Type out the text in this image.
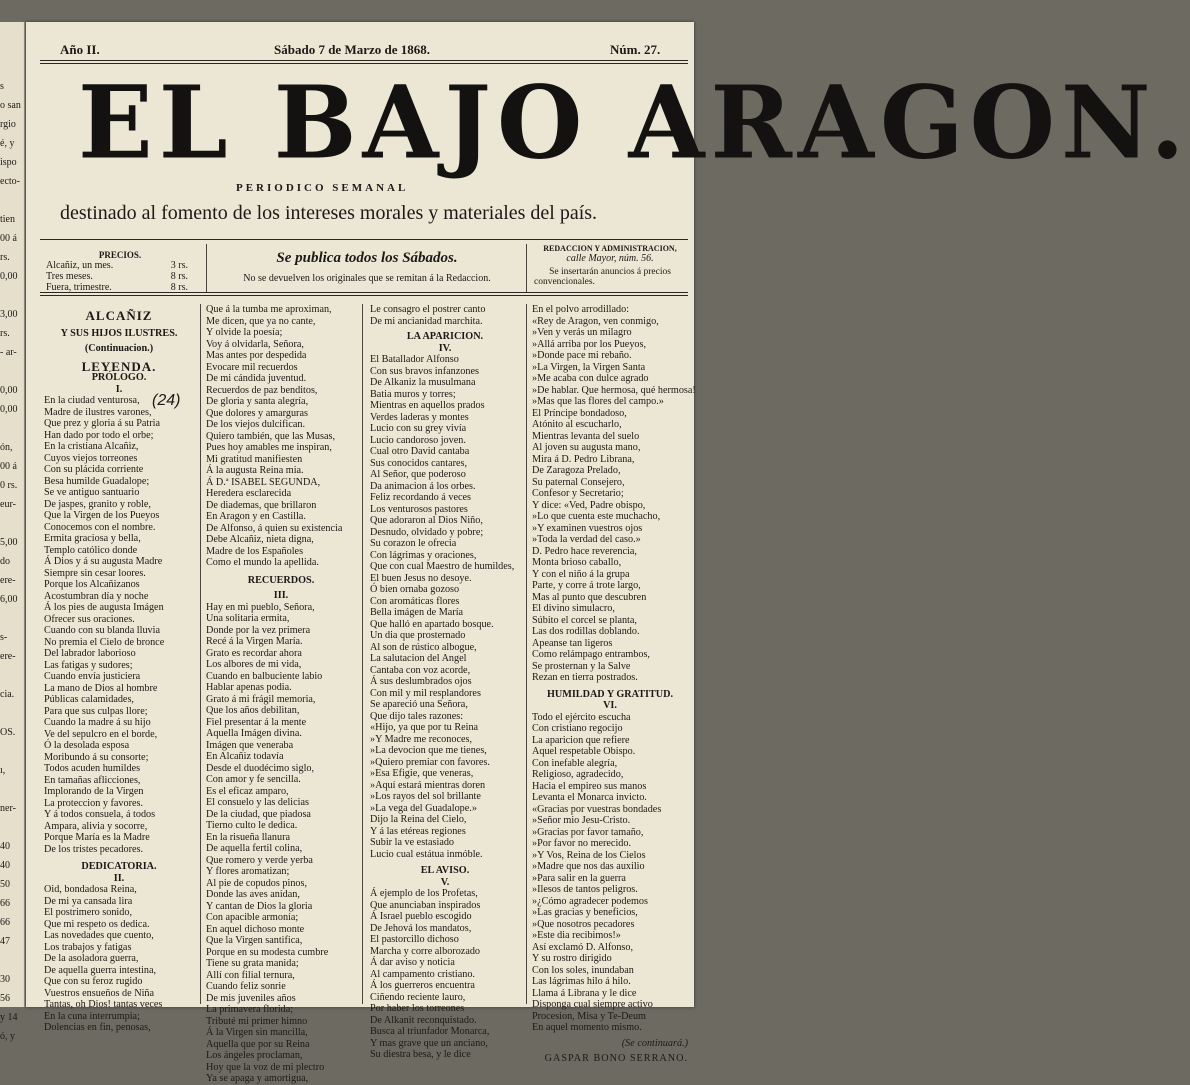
s
o san
rgio
é, y
ispo
ecto-
tien
00 á
rs.
0,00
3,00
rs.
- ar-
0,00
0,00
ón,
00 á
0 rs.
eur-
5,00
do
ere-
6,00
s-
ere-
cia.
OS.
ı,
ner-
40
40
50
66
66
47
30
56
y 14
ó, y
Año II.	Sábado 7 de Marzo de 1868.	Núm. 27.
EL BAJO ARAGON.
PERIODICO SEMANAL
destinado al fomento de los intereses morales y materiales del país.
PRECIOS.
Alcañiz, un mes.	3 rs.
Tres meses.	8 rs.
Fuera, trimestre.	8 rs.
Se publica todos los Sábados.
No se devuelven los originales que se remitan á la Redaccion.
REDACCION Y ADMINISTRACION,
calle Mayor, núm. 56.
Se insertarán anuncios á precios
convencionales.
(24)
ALCAÑIZ
Y SUS HIJOS ILUSTRES.
(Continuacion.)
LEYENDA.
PRÓLOGO.
I.
En la ciudad venturosa,
Madre de ilustres varones,
Que prez y gloria á su Patria
Han dado por todo el orbe;
En la cristiana Alcañiz,
Cuyos viejos torreones
Con su plácida corriente
Besa humilde Guadalope;
Se ve antiguo santuario
De jaspes, granito y roble,
Que la Virgen de los Pueyos
Conocemos con el nombre.
Ermita graciosa y bella,
Templo católico donde
Á Dios y á su augusta Madre
Siempre sin cesar loores.
Porque los Alcañizanos
Acostumbran día y noche
Á los pies de augusta Imágen
Ofrecer sus oraciones.
Cuando con su blanda lluvia
No premia el Cielo de bronce
Del labrador laborioso
Las fatigas y sudores;
Cuando envía justiciera
La mano de Dios al hombre
Públicas calamidades,
Para que sus culpas llore;
Cuando la madre á su hijo
Ve del sepulcro en el borde,
Ó la desolada esposa
Moribundo á su consorte;
Todos acuden humildes
En tamañas aflicciones,
Implorando de la Virgen
La proteccion y favores.
Y á todos consuela, á todos
Ampara, alivia y socorre,
Porque María es la Madre
De los tristes pecadores.
DEDICATORIA.
II.
Oid, bondadosa Reina,
De mi ya cansada lira
El postrimero sonido,
Que mi respeto os dedica.
Las novedades que cuento,
Los trabajos y fatigas
De la asoladora guerra,
De aquella guerra intestina,
Que con su feroz rugido
Vuestros ensueños de Niña
Tantas, oh Dios! tantas veces
En la cuna interrumpia;
Dolencias en fin, penosas,
Que á la tumba me aproximan,
Me dicen, que ya no cante,
Y olvide la poesía;
Voy á olvidarla, Señora,
Mas antes por despedida
Evocare mil recuerdos
De mi cándida juventud.
Recuerdos de paz benditos,
De gloria y santa alegría,
Que dolores y amarguras
De los viejos dulcifican.
Quiero también, que las Musas,
Pues hoy amables me inspiran,
Mi gratitud manifiesten
Á la augusta Reina mia.
Á D.ª ISABEL SEGUNDA,
Heredera esclarecida
De diademas, que brillaron
En Aragon y en Castilla.
De Alfonso, á quien su existencia
Debe Alcañiz, nieta digna,
Madre de los Españoles
Como el mundo la apellida.
RECUERDOS.
III.
Hay en mi pueblo, Señora,
Una solitaria ermita,
Donde por la vez primera
Recé á la Virgen María.
Grato es recordar ahora
Los albores de mi vida,
Cuando en balbuciente labio
Hablar apenas podia.
Grato á mi frágil memoria,
Que los años debilitan,
Fiel presentar á la mente
Aquella Imágen divina.
Imágen que veneraba
En Alcañiz todavía
Desde el duodécimo siglo,
Con amor y fe sencilla.
Es el eficaz amparo,
El consuelo y las delicias
De la ciudad, que piadosa
Tierno culto le dedica.
En la risueña llanura
De aquella fertil colina,
Que romero y verde yerba
Y flores aromatizan;
Al pie de copudos pinos,
Donde las aves anidan,
Y cantan de Dios la gloria
Con apacible armonía;
En aquel dichoso monte
Que la Virgen santifica,
Porque en su modesta cumbre
Tiene su grata manida;
Allí con filial ternura,
Cuando feliz sonrie
De mis juveniles años
La primavera florida;
Tributé mi primer himno
Á la Virgen sin mancilla,
Aquella que por su Reina
Los ángeles proclaman,
Hoy que la voz de mi plectro
Ya se apaga y amortigua,
Le consagro el postrer canto
De mi ancianidad marchita.
LA APARICION.
IV.
El Batallador Alfonso
Con sus bravos infanzones
De Alkaniz la musulmana
Batia muros y torres;
Mientras en aquellos prados
Verdes laderas y montes
Lucio con su grey vivía
Lucio candoroso joven.
Cual otro David cantaba
Sus conocidos cantares,
Al Señor, que poderoso
Da animacion á los orbes.
Feliz recordando á veces
Los venturosos pastores
Que adoraron al Dios Niño,
Desnudo, olvidado y pobre;
Su corazon le ofrecia
Con lágrimas y oraciones,
Que con cual Maestro de humildes,
El buen Jesus no desoye.
Ó bien ornaba gozoso
Con aromáticas flores
Bella imágen de María
Que halló en apartado bosque.
Un dia que prosternado
Al son de rústico albogue,
La salutacion del Angel
Cantaba con voz acorde,
Á sus deslumbrados ojos
Con mil y mil resplandores
Se apareció una Señora,
Que dijo tales razones:
«Hijo, ya que por tu Reina
»Y Madre me reconoces,
»La devocion que me tienes,
»Quiero premiar con favores.
»Esa Efigie, que veneras,
»Aquí estará mientras doren
»Los rayos del sol brillante
»La vega del Guadalope.»
Dijo la Reina del Cielo,
Y á las etéreas regiones
Subir la ve estasiado
Lucio cual estátua inmóble.
EL AVISO.
V.
Á ejemplo de los Profetas,
Que anunciaban inspirados
Á Israel pueblo escogido
De Jehová los mandatos,
El pastorcillo dichoso
Marcha y corre alborozado
Á dar aviso y noticia
Al campamento cristiano.
Á los guerreros encuentra
Ciñendo reciente lauro,
Por haber los torreones
De Alkanit reconquistado.
Busca al triunfador Monarca,
Y mas grave que un anciano,
Su diestra besa, y le dice
En el polvo arrodillado:
«Rey de Aragon, ven conmigo,
»Ven y verás un milagro
»Allá arriba por los Pueyos,
»Donde pace mi rebaño.
»La Virgen, la Virgen Santa
»Me acaba con dulce agrado
»De hablar. Que hermosa, qué hermosa!
»Mas que las flores del campo.»
El Príncipe bondadoso,
Atónito al escucharlo,
Mientras levanta del suelo
Al joven su augusta mano,
Mira á D. Pedro Librana,
De Zaragoza Prelado,
Su paternal Consejero,
Confesor y Secretario;
Y dice: «Ved, Padre obispo,
»Lo que cuenta este muchacho,
»Y examinen vuestros ojos
»Toda la verdad del caso.»
D. Pedro hace reverencia,
Monta brioso caballo,
Y con el niño á la grupa
Parte, y corre á trote largo,
Mas al punto que descubren
El divino simulacro,
Súbito el corcel se planta,
Las dos rodillas doblando.
Apeanse tan ligeros
Como relámpago entrambos,
Se prosternan y la Salve
Rezan en tierra postrados.
HUMILDAD Y GRATITUD.
VI.
Todo el ejército escucha
Con cristiano regocijo
La aparicion que refiere
Aquel respetable Obispo.
Con inefable alegría,
Religioso, agradecido,
Hacia el empireo sus manos
Levanta el Monarca invicto.
«Gracias por vuestras bondades
»Señor mio Jesu-Cristo.
»Gracias por favor tamaño,
»Por favor no merecido.
»Y Vos, Reina de los Cielos
»Madre que nos das auxilio
»Para salir en la guerra
»Ilesos de tantos peligros.
»¿Cómo agradecer podemos
»Las gracias y beneficios,
»Que nosotros pecadores
»Este dia recibimos!»
Así exclamó D. Alfonso,
Y su rostro dirigido
Con los soles, inundaban
Las lágrimas hilo á hilo.
Llama á Librana y le dice
Disponga cual siempre activo
Procesion, Misa y Te-Deum
En aquel momento mismo.
(Se continuará.)
GASPAR BONO SERRANO.
